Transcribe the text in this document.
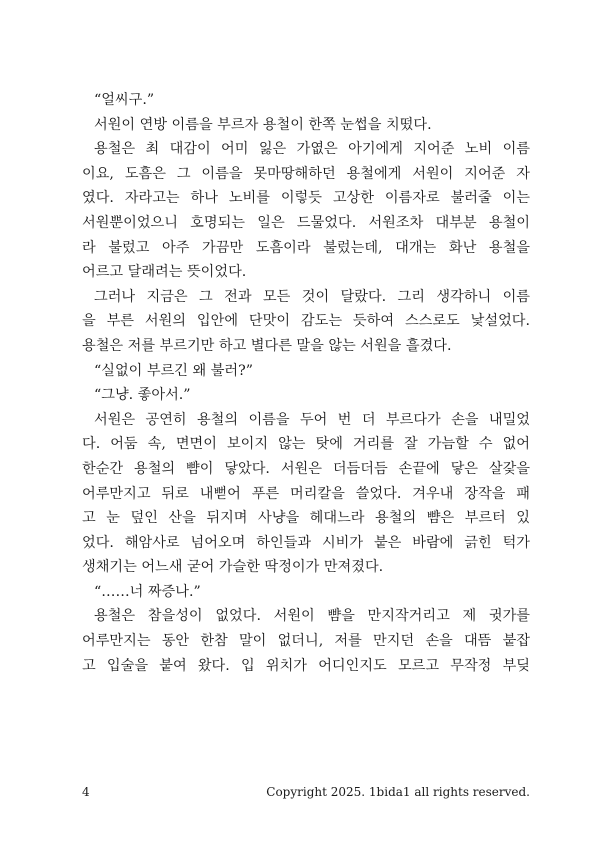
“얼씨구.”
서원이 연방 이름을 부르자 용철이 한쪽 눈썹을 치떴다.
용철은 최 대감이 어미 잃은 가엾은 아기에게 지어준 노비 이름
이요, 도흠은 그 이름을 못마땅해하던 용철에게 서원이 지어준 자
였다. 자라고는 하나 노비를 이렇듯 고상한 이름자로 불러줄 이는
서원뿐이었으니 호명되는 일은 드물었다. 서원조차 대부분 용철이
라 불렀고 아주 가끔만 도흠이라 불렀는데, 대개는 화난 용철을
어르고 달래려는 뜻이었다.
그러나 지금은 그 전과 모든 것이 달랐다. 그리 생각하니 이름
을 부른 서원의 입안에 단맛이 감도는 듯하여 스스로도 낯설었다.
용철은 저를 부르기만 하고 별다른 말을 않는 서원을 흘겼다.
“실없이 부르긴 왜 불러?”
“그냥. 좋아서.”
서원은 공연히 용철의 이름을 두어 번 더 부르다가 손을 내밀었
다. 어둠 속, 면면이 보이지 않는 탓에 거리를 잘 가늠할 수 없어
한순간 용철의 뺨이 닿았다. 서원은 더듬더듬 손끝에 닿은 살갗을
어루만지고 뒤로 내뻗어 푸른 머리칼을 쓸었다. 겨우내 장작을 패
고 눈 덮인 산을 뒤지며 사냥을 헤대느라 용철의 뺨은 부르터 있
었다. 해암사로 넘어오며 하인들과 시비가 붙은 바람에 긁힌 턱가
생채기는 어느새 굳어 가슬한 딱정이가 만져졌다.
“……너 짜증나.”
용철은 참을성이 없었다. 서원이 뺨을 만지작거리고 제 귓가를
어루만지는 동안 한참 말이 없더니, 저를 만지던 손을 대뜸 붙잡
고 입술을 붙여 왔다. 입 위치가 어디인지도 모르고 무작정 부딪
4	Copyright 2025. 1bida1 all rights reserved.
